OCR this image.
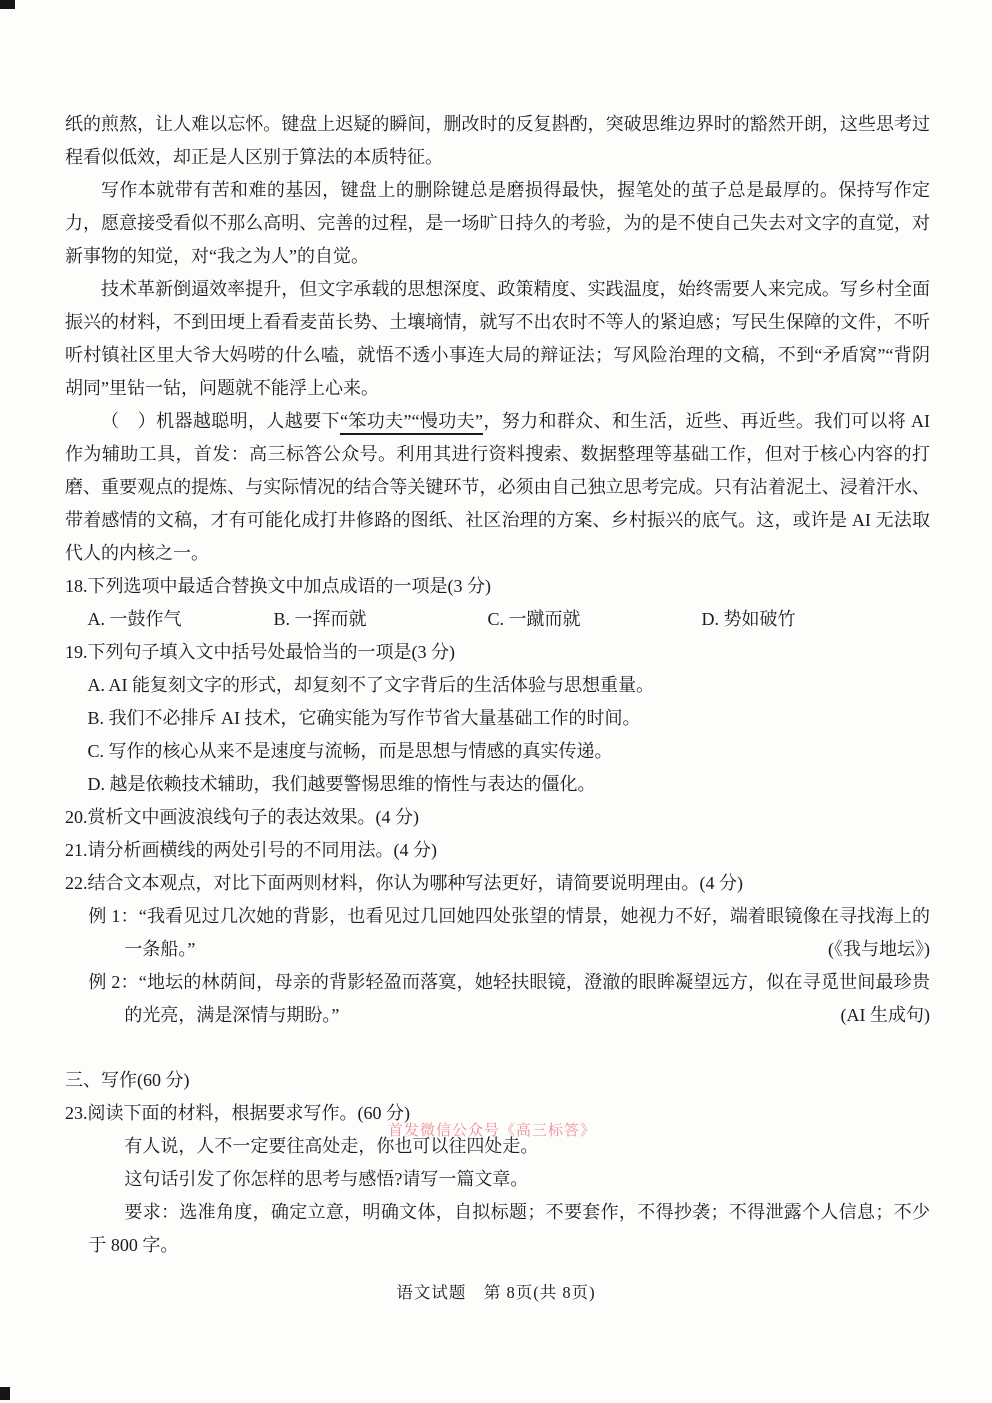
纸的煎熬，让人难以忘怀。键盘上迟疑的瞬间，删改时的反复斟酌，突破思维边界时的豁然开朗，这些思考过程看似低效，却正是人区别于算法的本质特征。

写作本就带有苦和难的基因，键盘上的删除键总是磨损得最快，握笔处的茧子总是最厚的。保持写作定力，愿意接受看似不那么高明、完善的过程，是一场旷日持久的考验，为的是不使自己失去对文字的直觉，对新事物的知觉，对“我之为人”的自觉。

技术革新倒逼效率提升，但文字承载的思想深度、政策精度、实践温度，始终需要人来完成。写乡村全面振兴的材料，不到田埂上看看麦苗长势、土壤墒情，就写不出农时不等人的紧迫感；写民生保障的文件，不听听村镇社区里大爷大妈唠的什么嗑，就悟不透小事连大局的辩证法；写风险治理的文稿，不到“矛盾窝”“背阴胡同”里钻一钻，问题就不能浮上心来。

（　）机器越聪明，人越要下“笨功夫”“慢功夫”，努力和群众、和生活，近些、再近些。我们可以将 AI 作为辅助工具，首发：高三标答公众号。利用其进行资料搜索、数据整理等基础工作，但对于核心内容的打磨、重要观点的提炼、与实际情况的结合等关键环节，必须由自己独立思考完成。只有沾着泥土、浸着汗水、带着感情的文稿，才有可能化成打井修路的图纸、社区治理的方案、乡村振兴的底气。这，或许是 AI 无法取代人的内核之一。

18.下列选项中最适合替换文中加点成语的一项是(3 分)

A. 一鼓作气	B. 一挥而就	C. 一蹴而就	D. 势如破竹

19.下列句子填入文中括号处最恰当的一项是(3 分)

A. AI 能复刻文字的形式，却复刻不了文字背后的生活体验与思想重量。

B. 我们不必排斥 AI 技术，它确实能为写作节省大量基础工作的时间。

C. 写作的核心从来不是速度与流畅，而是思想与情感的真实传递。

D. 越是依赖技术辅助，我们越要警惕思维的惰性与表达的僵化。

20.赏析文中画波浪线句子的表达效果。(4 分)

21.请分析画横线的两处引号的不同用法。(4 分)

22.结合文本观点，对比下面两则材料，你认为哪种写法更好，请简要说明理由。(4 分)

例 1：“我看见过几次她的背影，也看见过几回她四处张望的情景，她视力不好，端着眼镜像在寻找海上的一条船。”	(《我与地坛》)
例 2：“地坛的林荫间，母亲的背影轻盈而落寞，她轻扶眼镜，澄澈的眼眸凝望远方，似在寻觅世间最珍贵的光亮，满是深情与期盼。”	(AI 生成句)

三、写作(60 分)

23.阅读下面的材料，根据要求写作。(60 分)

有人说，人不一定要往高处走，你也可以往四处走。

这句话引发了你怎样的思考与感悟?请写一篇文章。

要求：选准角度，确定立意，明确文体，自拟标题；不要套作，不得抄袭；不得泄露个人信息；不少于 800 字。

首发微信公众号《高三标答》
语文试题　第 8页(共 8页)
